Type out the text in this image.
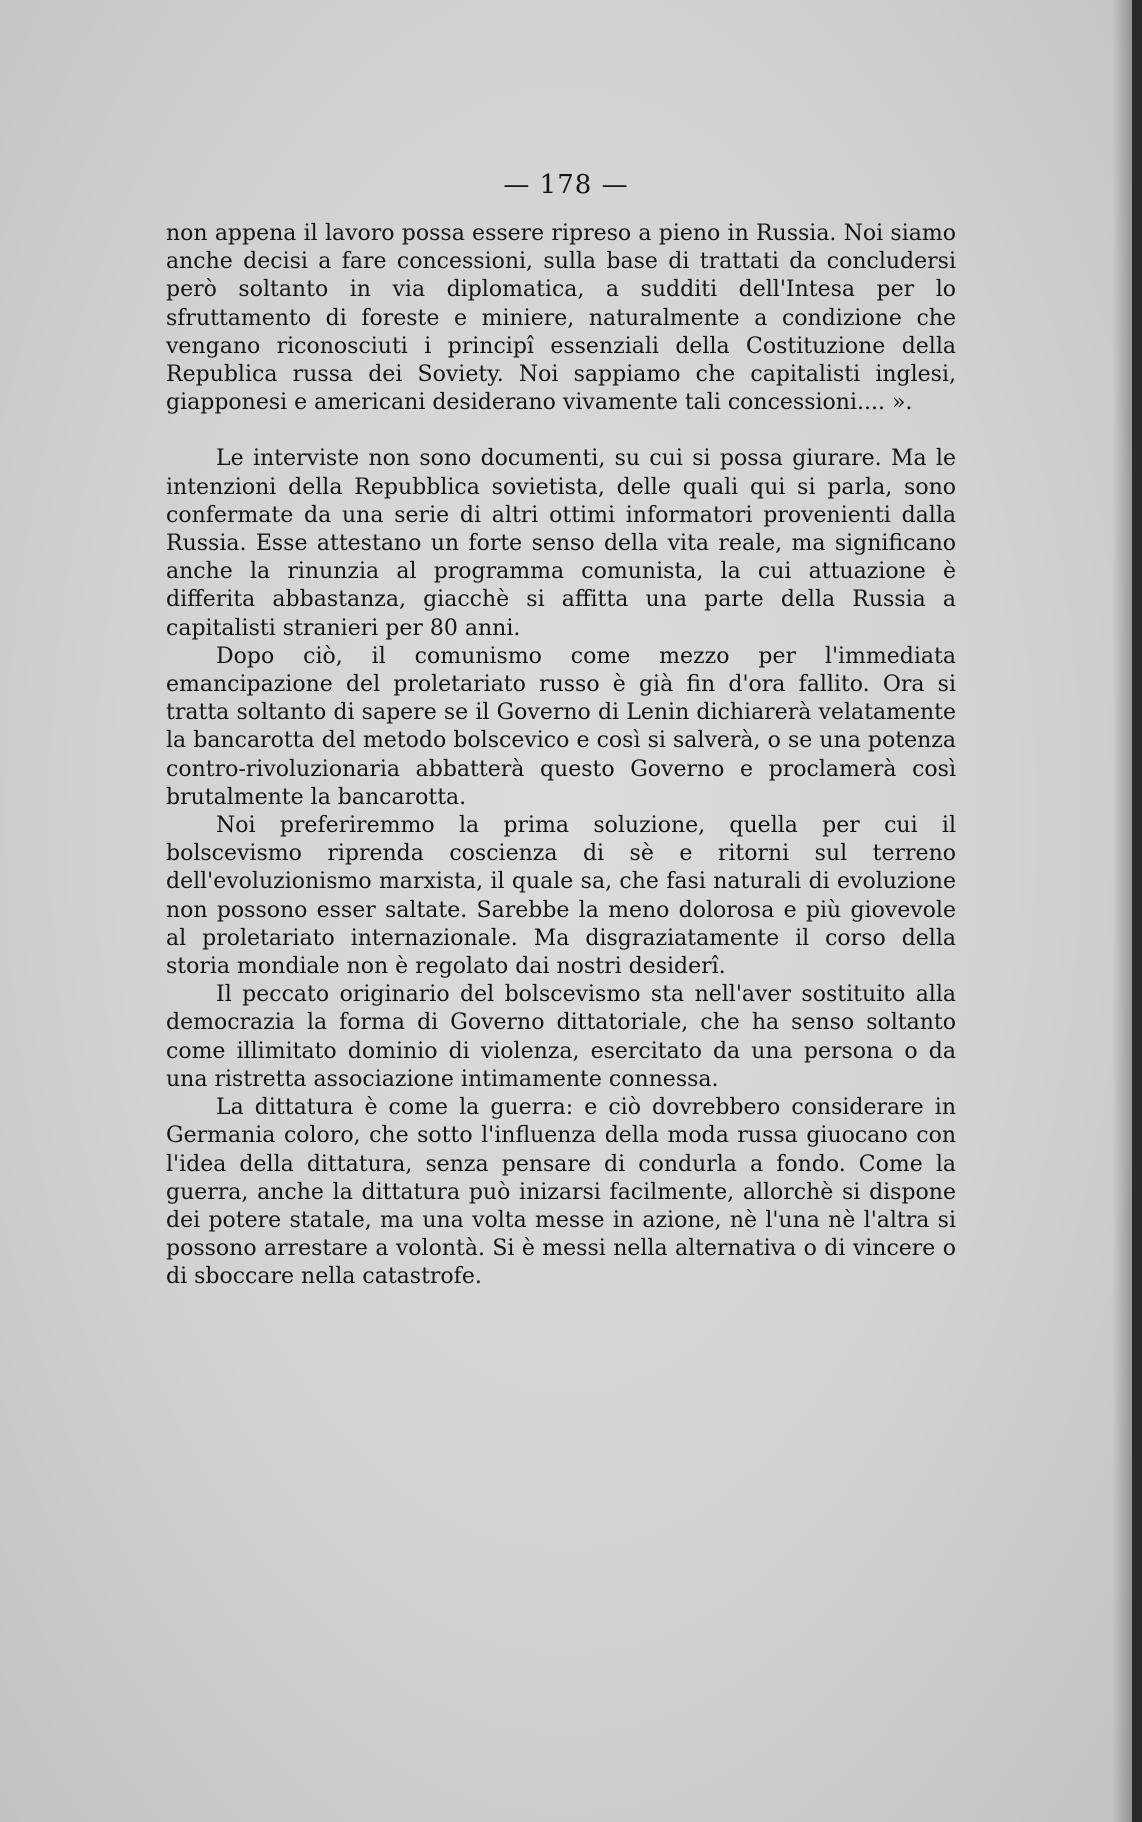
— 178 —

non appena il lavoro possa essere ripreso a pieno in Russia. Noi siamo anche decisi a fare concessioni, sulla base di trattati da concludersi però soltanto in via diplomatica, a sudditi dell'Intesa per lo sfruttamento di foreste e miniere, naturalmente a condizione che vengano riconosciuti i principî essenziali della Costituzione della Republica russa dei Soviety. Noi sappiamo che capitalisti inglesi, giapponesi e americani desiderano vivamente tali concessioni.... ».

Le interviste non sono documenti, su cui si possa giurare. Ma le intenzioni della Repubblica sovietista, delle quali qui si parla, sono confermate da una serie di altri ottimi informatori provenienti dalla Russia. Esse attestano un forte senso della vita reale, ma significano anche la rinunzia al programma comunista, la cui attuazione è differita abbastanza, giacchè si affitta una parte della Russia a capitalisti stranieri per 80 anni.

Dopo ciò, il comunismo come mezzo per l'immediata emancipazione del proletariato russo è già fin d'ora fallito. Ora si tratta soltanto di sapere se il Governo di Lenin dichiarerà velatamente la bancarotta del metodo bolscevico e così si salverà, o se una potenza contro-rivoluzionaria abbatterà questo Governo e proclamerà così brutalmente la bancarotta.

Noi preferiremmo la prima soluzione, quella per cui il bolscevismo riprenda coscienza di sè e ritorni sul terreno dell'evoluzionismo marxista, il quale sa, che fasi naturali di evoluzione non possono esser saltate. Sarebbe la meno dolorosa e più giovevole al proletariato internazionale. Ma disgraziatamente il corso della storia mondiale non è regolato dai nostri desiderî.

Il peccato originario del bolscevismo sta nell'aver sostituito alla democrazia la forma di Governo dittatoriale, che ha senso soltanto come illimitato dominio di violenza, esercitato da una persona o da una ristretta associazione intimamente connessa.

La dittatura è come la guerra: e ciò dovrebbero considerare in Germania coloro, che sotto l'influenza della moda russa giuocano con l'idea della dittatura, senza pensare di condurla a fondo. Come la guerra, anche la dittatura può inizarsi facilmente, allorchè si dispone dei potere statale, ma una volta messe in azione, nè l'una nè l'altra si possono arrestare a volontà. Si è messi nella alternativa o di vincere o di sboccare nella catastrofe.
